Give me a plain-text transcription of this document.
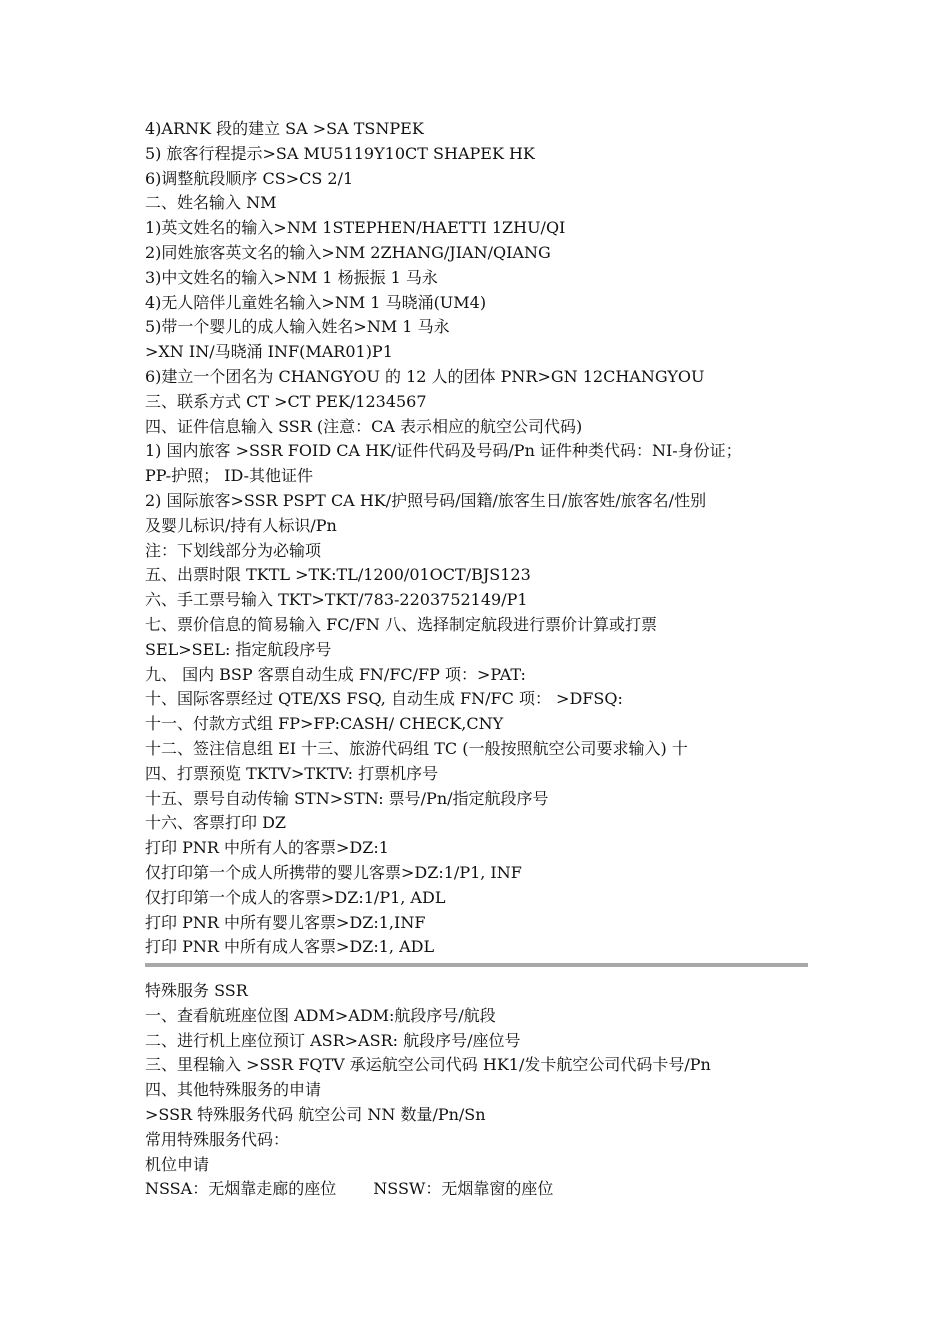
4)ARNK 段的建立 SA >SA TSNPEK
5) 旅客行程提示>SA MU5119Y10CT SHAPEK HK
6)调整航段顺序 CS>CS 2/1
二、姓名输入 NM
1)英文姓名的输入>NM 1STEPHEN/HAETTI 1ZHU/QI
2)同姓旅客英文名的输入>NM 2ZHANG/JIAN/QIANG
3)中文姓名的输入>NM 1 杨振振 1 马永
4)无人陪伴儿童姓名输入>NM 1 马晓涌(UM4)
5)带一个婴儿的成人输入姓名>NM 1 马永
>XN IN/马晓涌 INF(MAR01)P1
6)建立一个团名为 CHANGYOU 的 12 人的团体 PNR>GN 12CHANGYOU
三、联系方式 CT >CT PEK/1234567
四、证件信息输入 SSR (注意：CA 表示相应的航空公司代码)
1) 国内旅客 >SSR FOID CA HK/证件代码及号码/Pn 证件种类代码：NI-身份证；
PP-护照； ID-其他证件
2) 国际旅客>SSR PSPT CA HK/护照号码/国籍/旅客生日/旅客姓/旅客名/性别
及婴儿标识/持有人标识/Pn
注：下划线部分为必输项
五、出票时限 TKTL >TK:TL/1200/01OCT/BJS123
六、手工票号输入 TKT>TKT/783-2203752149/P1
七、票价信息的简易输入 FC/FN 八、选择制定航段进行票价计算或打票
SEL>SEL: 指定航段序号
九、 国内 BSP 客票自动生成 FN/FC/FP 项：>PAT:
十、国际客票经过 QTE/XS FSQ, 自动生成 FN/FC 项： >DFSQ:
十一、付款方式组 FP>FP:CASH/ CHECK,CNY
十二、签注信息组 EI 十三、旅游代码组 TC (一般按照航空公司要求输入) 十
四、打票预览 TKTV>TKTV: 打票机序号
十五、票号自动传输 STN>STN: 票号/Pn/指定航段序号
十六、客票打印 DZ
打印 PNR 中所有人的客票>DZ:1
仅打印第一个成人所携带的婴儿客票>DZ:1/P1, INF
仅打印第一个成人的客票>DZ:1/P1, ADL
打印 PNR 中所有婴儿客票>DZ:1,INF
打印 PNR 中所有成人客票>DZ:1, ADL
特殊服务 SSR
一、查看航班座位图 ADM>ADM:航段序号/航段
二、进行机上座位预订 ASR>ASR: 航段序号/座位号
三、里程输入 >SSR FQTV 承运航空公司代码 HK1/发卡航空公司代码卡号/Pn
四、其他特殊服务的申请
>SSR 特殊服务代码 航空公司 NN 数量/Pn/Sn
常用特殊服务代码：
机位申请
NSSA：无烟靠走廊的座位　　 NSSW：无烟靠窗的座位
